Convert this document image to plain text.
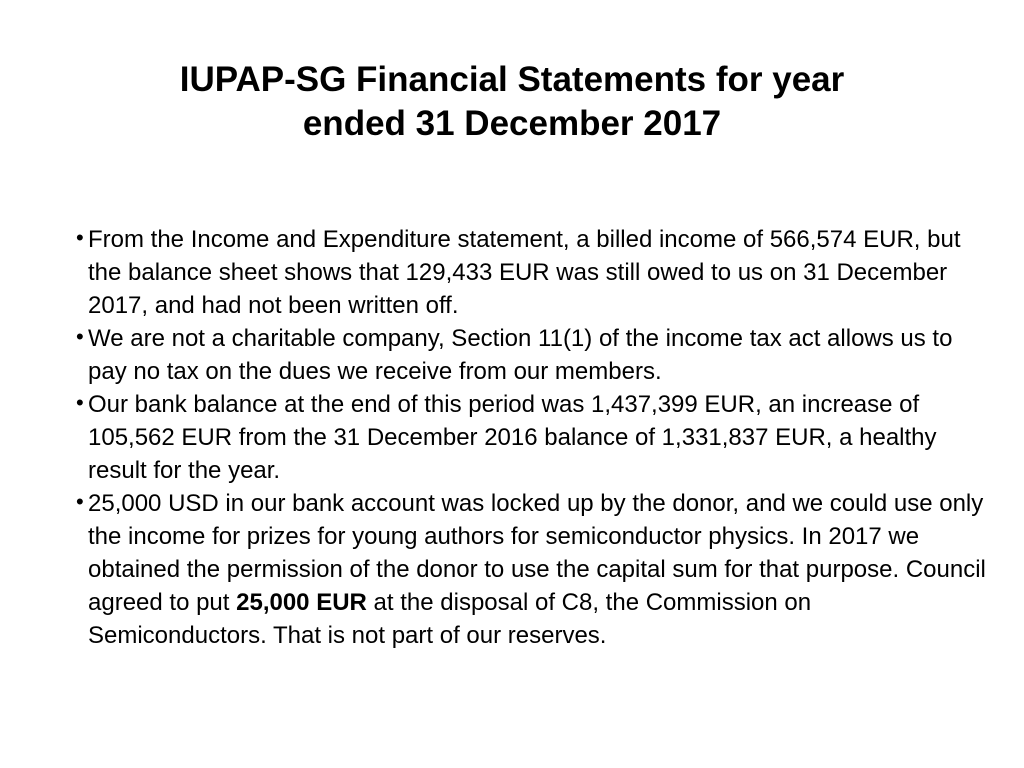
IUPAP-SG Financial Statements for year
ended 31 December 2017
• From the Income and Expenditure statement, a billed income of 566,574 EUR, but the balance sheet shows that 129,433 EUR was still owed to us on 31 December 2017, and had not been written off.
• We are not a charitable company, Section 11(1) of the income tax act allows us to pay no tax on the dues we receive from our members.
• Our bank balance at the end of this period was 1,437,399 EUR, an increase of 105,562 EUR from the 31 December 2016 balance of 1,331,837 EUR, a healthy result for the year.
• 25,000 USD in our bank account was locked up by the donor, and we could use only the income for prizes for young authors for semiconductor physics. In 2017 we obtained the permission of the donor to use the capital sum for that purpose. Council agreed to put 25,000 EUR at the disposal of C8, the Commission on Semiconductors. That is not part of our reserves.
